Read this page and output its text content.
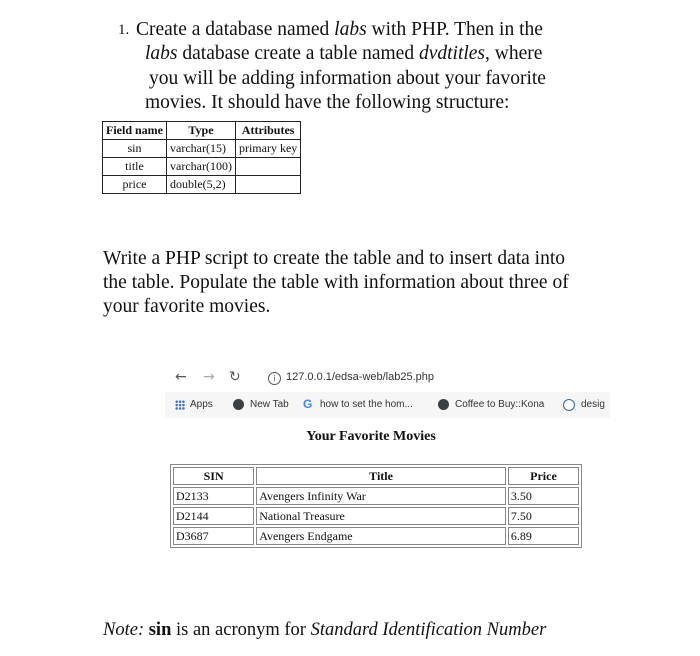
1. Create a database named labs with PHP. Then in the
labs database create a table named dvdtitles, where
you will be adding information about your favorite
movies. It should have the following structure:
Field name	Type	Attributes
sin	varchar(15)	primary key
title	varchar(100)	
price	double(5,2)	
Write a PHP script to create the table and to insert data into
the table. Populate the table with information about three of
your favorite movies.
← → ↻	i 127.0.0.1/edsa-web/lab25.php
Apps	New Tab G how to set the hom...	Coffee to Buy::Kona	desig
Your Favorite Movies
SIN	Title	Price
D2133	Avengers Infinity War	3.50
D2144	National Treasure	7.50
D3687	Avengers Endgame	6.89
Note: sin is an acronym for Standard Identification Number
